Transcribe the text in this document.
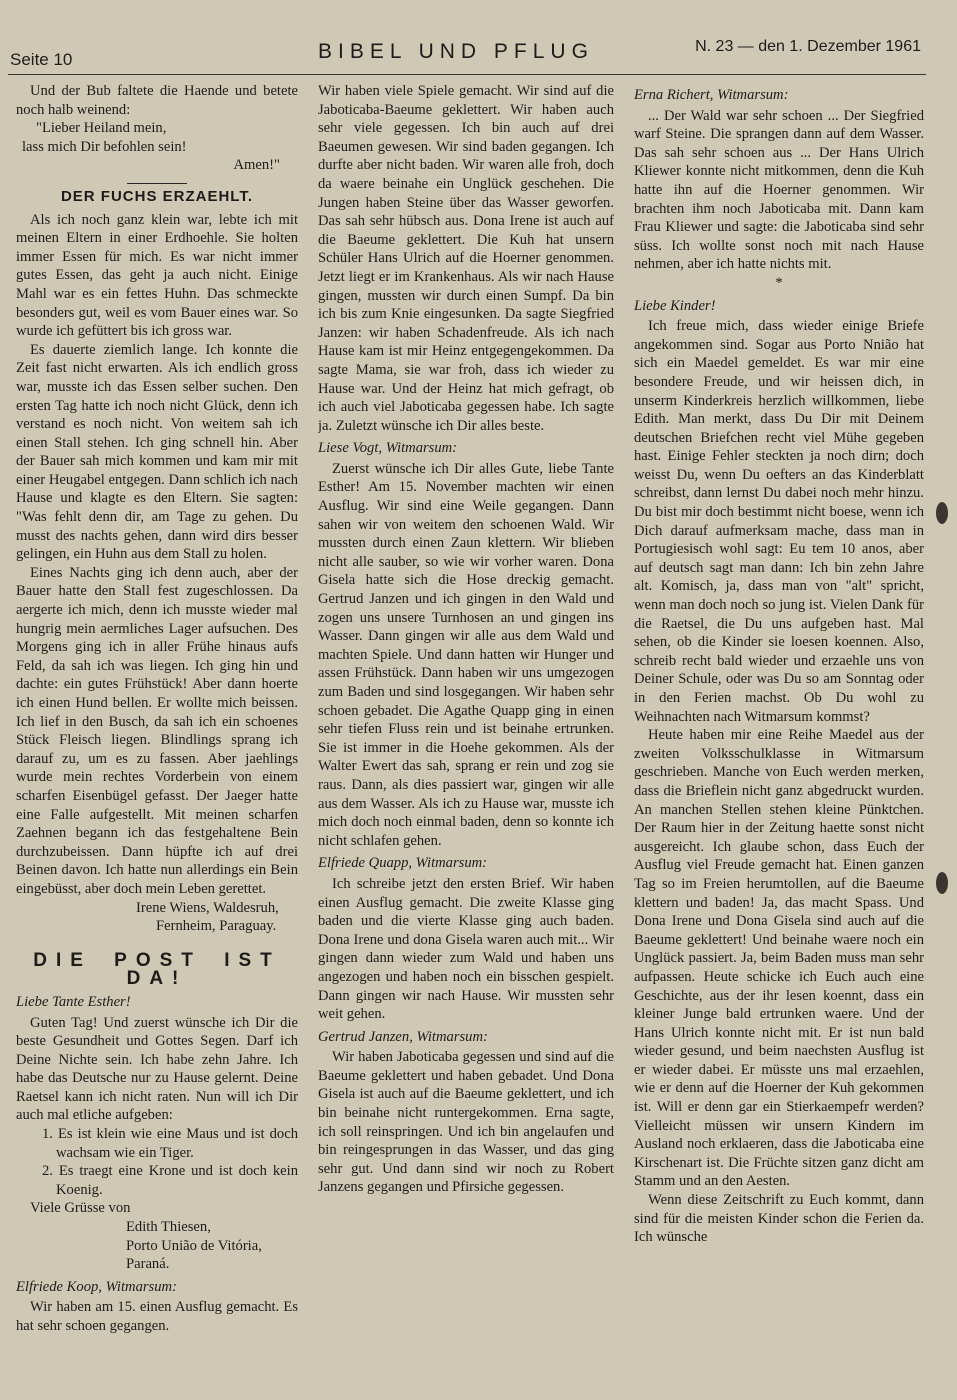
Seite 10	BIBEL UND PFLUG	N. 23 — den 1. Dezember 1961

Und der Bub faltete die Haende und betete noch halb weinend:

"Lieber Heiland mein,
lass mich Dir befohlen sein!
Amen!"
DER FUCHS ERZAEHLT.

Als ich noch ganz klein war, lebte ich mit meinen Eltern in einer Erdhoehle. Sie holten immer Essen für mich. Es war nicht immer gutes Essen, das geht ja auch nicht. Einige Mahl war es ein fettes Huhn. Das schmeckte besonders gut, weil es vom Bauer eines war. So wurde ich gefüttert bis ich gross war.

Es dauerte ziemlich lange. Ich konnte die Zeit fast nicht erwarten. Als ich endlich gross war, musste ich das Essen selber suchen. Den ersten Tag hatte ich noch nicht Glück, denn ich verstand es noch nicht. Von weitem sah ich einen Stall stehen. Ich ging schnell hin. Aber der Bauer sah mich kommen und kam mir mit einer Heugabel entgegen. Dann schlich ich nach Hause und klagte es den Eltern. Sie sagten: "Was fehlt denn dir, am Tage zu gehen. Du musst des nachts gehen, dann wird dirs besser gelingen, ein Huhn aus dem Stall zu holen.

Eines Nachts ging ich denn auch, aber der Bauer hatte den Stall fest zugeschlossen. Da aergerte ich mich, denn ich musste wieder mal hungrig mein aermliches Lager aufsuchen. Des Morgens ging ich in aller Frühe hinaus aufs Feld, da sah ich was liegen. Ich ging hin und dachte: ein gutes Frühstück! Aber dann hoerte ich einen Hund bellen. Er wollte mich beissen. Ich lief in den Busch, da sah ich ein schoenes Stück Fleisch liegen. Blindlings sprang ich darauf zu, um es zu fassen. Aber jaehlings wurde mein rechtes Vorderbein von einem scharfen Eisenbügel gefasst. Der Jaeger hatte eine Falle aufgestellt. Mit meinen scharfen Zaehnen begann ich das festgehaltene Bein durchzubeissen. Dann hüpfte ich auf drei Beinen davon. Ich hatte nun allerdings ein Bein eingebüsst, aber doch mein Leben gerettet.

Irene Wiens, Waldesruh,
Fernheim, Paraguay.
DIE POST IST DA!
Liebe Tante Esther!

Guten Tag! Und zuerst wünsche ich Dir die beste Gesundheit und Gottes Segen. Darf ich Deine Nichte sein. Ich habe zehn Jahre. Ich habe das Deutsche nur zu Hause gelernt. Deine Raetsel kann ich nicht raten. Nun will ich Dir auch mal etliche aufgeben:

1. Es ist klein wie eine Maus und ist doch wachsam wie ein Tiger.
2. Es traegt eine Krone und ist doch kein Koenig.

Viele Grüsse von

Edith Thiesen,
Porto União de Vitória,
Paraná.
Elfriede Koop, Witmarsum:

Wir haben am 15. einen Ausflug gemacht. Es hat sehr schoen gegangen.

Wir haben viele Spiele gemacht. Wir sind auf die Jaboticaba-Baeume geklettert. Wir haben auch sehr viele gegessen. Ich bin auch auf drei Baeumen gewesen. Wir sind baden gegangen. Ich durfte aber nicht baden. Wir waren alle froh, doch da waere beinahe ein Unglück geschehen. Die Jungen haben Steine über das Wasser geworfen. Das sah sehr hübsch aus. Dona Irene ist auch auf die Baeume geklettert. Die Kuh hat unsern Schüler Hans Ulrich auf die Hoerner genommen. Jetzt liegt er im Krankenhaus. Als wir nach Hause gingen, mussten wir durch einen Sumpf. Da bin ich bis zum Knie eingesunken. Da sagte Siegfried Janzen: wir haben Schadenfreude. Als ich nach Hause kam ist mir Heinz entgegengekommen. Da sagte Mama, sie war froh, dass ich wieder zu Hause war. Und der Heinz hat mich gefragt, ob ich auch viel Jaboticaba gegessen habe. Ich sagte ja. Zuletzt wünsche ich Dir alles beste.

Liese Vogt, Witmarsum:

Zuerst wünsche ich Dir alles Gute, liebe Tante Esther! Am 15. November machten wir einen Ausflug. Wir sind eine Weile gegangen. Dann sahen wir von weitem den schoenen Wald. Wir mussten durch einen Zaun klettern. Wir blieben nicht alle sauber, so wie wir vorher waren. Dona Gisela hatte sich die Hose dreckig gemacht. Gertrud Janzen und ich gingen in den Wald und zogen uns unsere Turnhosen an und gingen ins Wasser. Dann gingen wir alle aus dem Wald und machten Spiele. Und dann hatten wir Hunger und assen Frühstück. Dann haben wir uns umgezogen zum Baden und sind losgegangen. Wir haben sehr schoen gebadet. Die Agathe Quapp ging in einen sehr tiefen Fluss rein und ist beinahe ertrunken. Sie ist immer in die Hoehe gekommen. Als der Walter Ewert das sah, sprang er rein und zog sie raus. Dann, als dies passiert war, gingen wir alle aus dem Wasser. Als ich zu Hause war, musste ich mich doch noch einmal baden, denn so konnte ich nicht schlafen gehen.

Elfriede Quapp, Witmarsum:

Ich schreibe jetzt den ersten Brief. Wir haben einen Ausflug gemacht. Die zweite Klasse ging baden und die vierte Klasse ging auch baden. Dona Irene und dona Gisela waren auch mit... Wir gingen dann wieder zum Wald und haben uns angezogen und haben noch ein bisschen gespielt. Dann gingen wir nach Hause. Wir mussten sehr weit gehen.

Gertrud Janzen, Witmarsum:

Wir haben Jaboticaba gegessen und sind auf die Baeume geklettert und haben gebadet. Und Dona Gisela ist auch auf die Baeume geklettert, und ich bin beinahe nicht runtergekommen. Erna sagte, ich soll reinspringen. Und ich bin angelaufen und bin reingesprungen in das Wasser, und das ging sehr gut. Und dann sind wir noch zu Robert Janzens gegangen und Pfirsiche gegessen.

Erna Richert, Witmarsum:

... Der Wald war sehr schoen ... Der Siegfried warf Steine. Die sprangen dann auf dem Wasser. Das sah sehr schoen aus ... Der Hans Ulrich Kliewer konnte nicht mitkommen, denn die Kuh hatte ihn auf die Hoerner genommen. Wir brachten ihm noch Jaboticaba mit. Dann kam Frau Kliewer und sagte: die Jaboticaba sind sehr süss. Ich wollte sonst noch mit nach Hause nehmen, aber ich hatte nichts mit.

*
Liebe Kinder!

Ich freue mich, dass wieder einige Briefe angekommen sind. Sogar aus Porto Nnião hat sich ein Maedel gemeldet. Es war mir eine besondere Freude, und wir heissen dich, in unserm Kinderkreis herzlich willkommen, liebe Edith. Man merkt, dass Du Dir mit Deinem deutschen Briefchen recht viel Mühe gegeben hast. Einige Fehler steckten ja noch dirn; doch weisst Du, wenn Du oefters an das Kinderblatt schreibst, dann lernst Du dabei noch mehr hinzu. Du bist mir doch bestimmt nicht boese, wenn ich Dich darauf aufmerksam mache, dass man in Portugiesisch wohl sagt: Eu tem 10 anos, aber auf deutsch sagt man dann: Ich bin zehn Jahre alt. Komisch, ja, dass man von "alt" spricht, wenn man doch noch so jung ist. Vielen Dank für die Raetsel, die Du uns aufgeben hast. Mal sehen, ob die Kinder sie loesen koennen. Also, schreib recht bald wieder und erzaehle uns von Deiner Schule, oder was Du so am Sonntag oder in den Ferien machst. Ob Du wohl zu Weihnachten nach Witmarsum kommst?

Heute haben mir eine Reihe Maedel aus der zweiten Volksschulklasse in Witmarsum geschrieben. Manche von Euch werden merken, dass die Brieflein nicht ganz abgedruckt wurden. An manchen Stellen stehen kleine Pünktchen. Der Raum hier in der Zeitung haette sonst nicht ausgereicht. Ich glaube schon, dass Euch der Ausflug viel Freude gemacht hat. Einen ganzen Tag so im Freien herumtollen, auf die Baeume klettern und baden! Ja, das macht Spass. Und Dona Irene und Dona Gisela sind auch auf die Baeume geklettert! Und beinahe waere noch ein Unglück passiert. Ja, beim Baden muss man sehr aufpassen. Heute schicke ich Euch auch eine Geschichte, aus der ihr lesen koennt, dass ein kleiner Junge bald ertrunken waere. Und der Hans Ulrich konnte nicht mit. Er ist nun bald wieder gesund, und beim naechsten Ausflug ist er wieder dabei. Er müsste uns mal erzaehlen, wie er denn auf die Hoerner der Kuh gekommen ist. Will er denn gar ein Stierkaempefr werden? Vielleicht müssen wir unsern Kindern im Ausland noch erklaeren, dass die Jaboticaba eine Kirschenart ist. Die Früchte sitzen ganz dicht am Stamm und an den Aesten.

Wenn diese Zeitschrift zu Euch kommt, dann sind für die meisten Kinder schon die Ferien da. Ich wünsche
